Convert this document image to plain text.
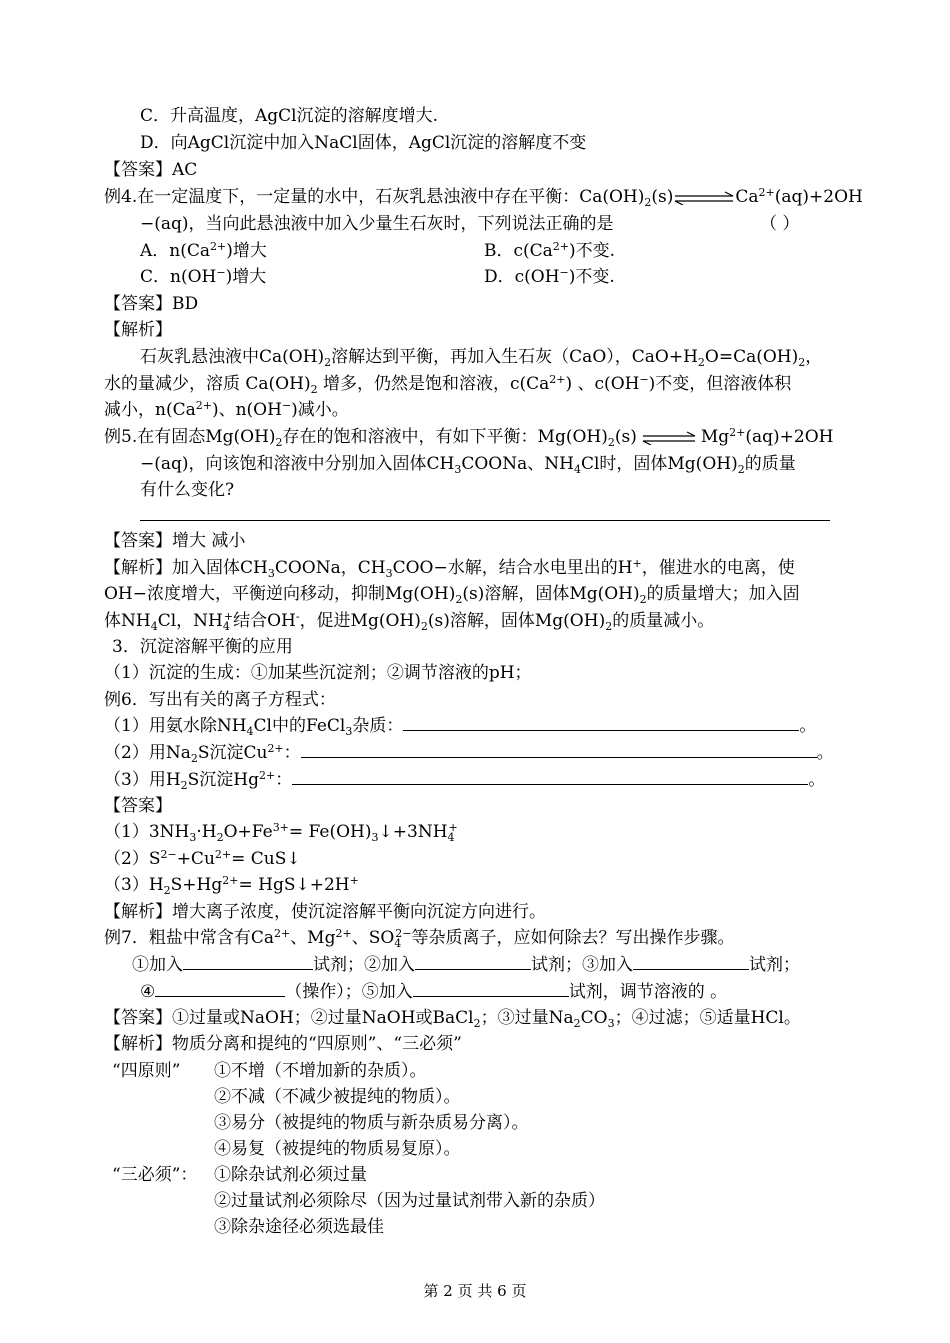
C．升高温度，AgCl沉淀的溶解度增大.
D．向AgCl沉淀中加入NaCl固体，AgCl沉淀的溶解度不变
【答案】AC
例4.在一定温度下，一定量的水中，石灰乳悬浊液中存在平衡：$Ca(OH)_2(s)\rightleftharpoons Ca^{2+}(aq)+2OH$
−(aq)，当向此悬浊液中加入少量生石灰时，下列说法正确的是	（ ）
A．$n(Ca^{2+})$增大	B．$c(Ca^{2+})$不变.
C．n(OH−)增大	D．c(OH−)不变.
【答案】BD
【解析】
石灰乳悬浊液中$Ca(OH)_2$溶解达到平衡，再加入生石灰（CaO），$CaO+H_2O=Ca(OH)_2$，
水的量减少，溶质 $Ca(OH)_2$ 增多，仍然是饱和溶液，$c(Ca^{2+})$ 、c(OH−)不变，但溶液体积
减小，$n(Ca^{2+})$、n(OH−)减小。
例5.在有固态$Mg(OH)_2$存在的饱和溶液中，有如下平衡：$Mg(OH)_2(s)$ ⇌ $Mg^{2+}(aq)+2OH$
−(aq)，向该饱和溶液中分别加入固体$CH_3COONa$、$NH_4Cl$时，固体$Mg(OH)_2$的质量
有什么变化?
【答案】增大 减小
【解析】加入固体$CH_3COONa$，$CH_3COO-$水解，结合水电里出的H+，催进水的电离，使
OH−浓度增大，平衡逆向移动，抑制$Mg(OH)_2(s)$溶解，固体$Mg(OH)_2$的质量增大；加入固
体$NH_4Cl$，$NH_4^+$结合OH-，促进$Mg(OH)_2(s)$溶解，固体$Mg(OH)_2$的质量减小。
3．沉淀溶解平衡的应用
（1）沉淀的生成：①加某些沉淀剂；②调节溶液的pH；
例6．写出有关的离子方程式：
（1）用氨水除$NH_4Cl$中的FeCl$_3$杂质：	。
（2）用$Na_2S$沉淀$Cu^{2+}$：	。
（3）用$H_2S$沉淀$Hg^{2+}$：	。
【答案】
$(1)3NH_3\cdot H_2O+Fe^{3+}=$ $Fe(OH)_3↓+3NH_4^+$
$(2)S^{2-}+Cu^{2+}=$ CuS↓
$(3)H_2S+Hg^{2+}=$ HgS↓+2H+
【解析】增大离子浓度，使沉淀溶解平衡向沉淀方向进行。
例7．粗盐中常含有$Ca^{2+}$、$Mg^{2+}$、$SO_4^{2-}$等杂质离子，应如何除去？写出操作步骤。
①加入	试剂；②加入	试剂；③加入	试剂；
④	（操作）；⑤加入	试剂，调节溶液的 。
【答案】①过量或NaOH；②过量NaOH或BaCl$_2$；③过量$Na_2CO_3$；④过滤；⑤适量HCl。
【解析】物质分离和提纯的“四原则”、“三必须”
“四原则” ①不增（不增加新的杂质）。
②不减（不减少被提纯的物质）。
③易分（被提纯的物质与新杂质易分离）。
④易复（被提纯的物质易复原）。
“三必须”： ①除杂试剂必须过量
②过量试剂必须除尽（因为过量试剂带入新的杂质）
③除杂途径必须选最佳
第 2 页 共 6 页
